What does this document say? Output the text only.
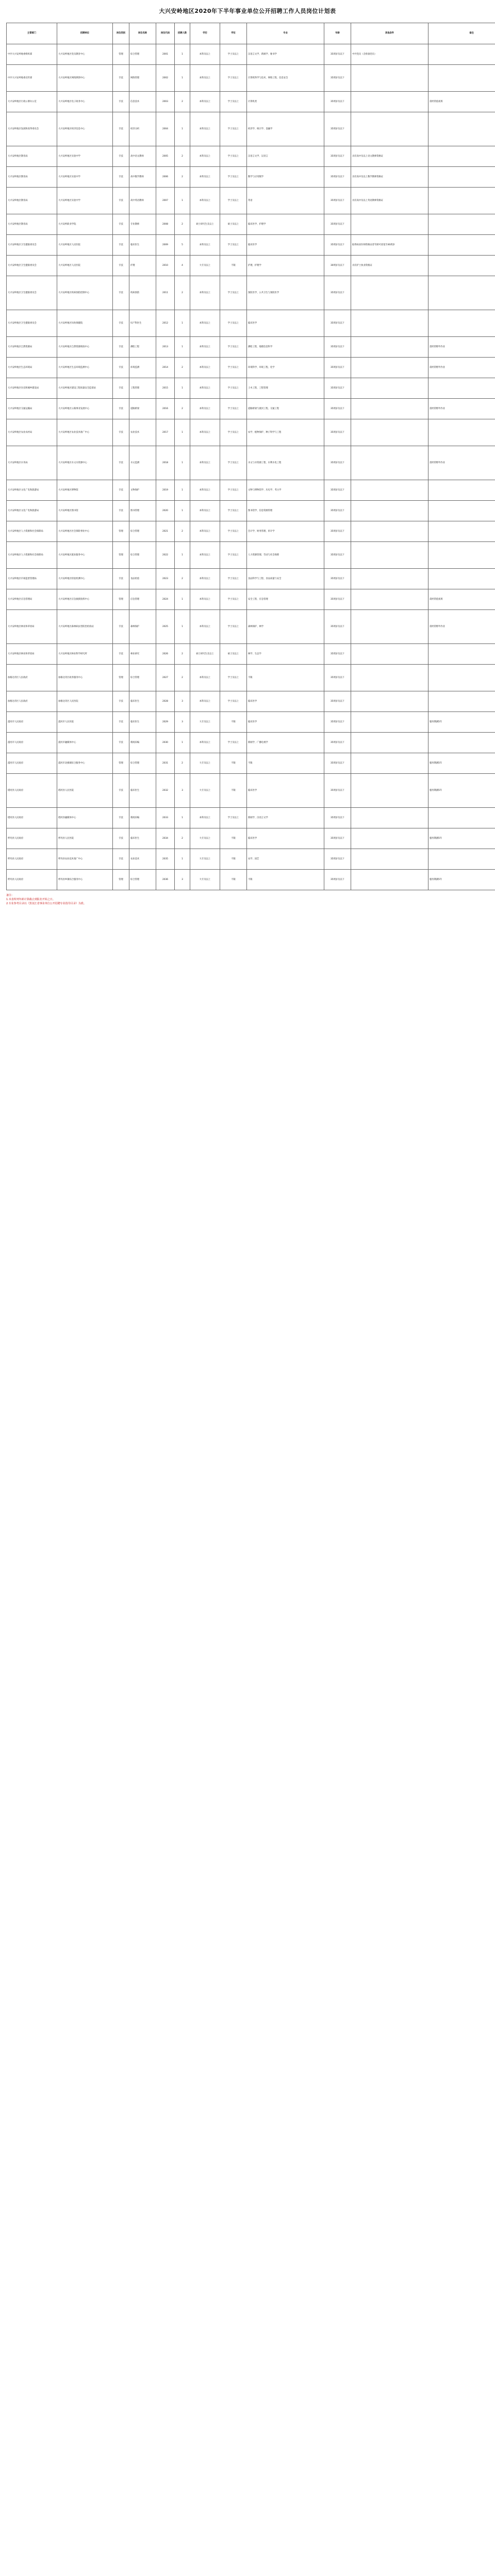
大兴安岭地区2020年下半年事业单位公开招聘工作人员岗位计划表
主管部门	招聘单位	岗位类别	岗位名称	岗位代码	招聘人数	学历	学位	专业	年龄	其他条件	备注
中共大兴安岭地委组织部	大兴安岭地区党员教育中心	管理	综合管理	2001	1	本科及以上	学士及以上	汉语言文学、新闻学、秘书学	35周岁及以下	中共党员（含预备党员）	
中共大兴安岭地委宣传部	大兴安岭地区网络舆情中心	专技	网络管理	2002	1	本科及以上	学士及以上	计算机科学与技术、网络工程、信息安全	35周岁及以下		
大兴安岭地区行政公署办公室	大兴安岭地区电子政务中心	专技	信息技术	2003	2	本科及以上	学士及以上	计算机类	35周岁及以下		需经常值夜班
大兴安岭地区发展和改革委员会	大兴安岭地区经济信息中心	专技	经济分析	2004	1	本科及以上	学士及以上	经济学、统计学、金融学	35周岁及以下		
大兴安岭地区教育局	大兴安岭地区实验中学	专技	高中语文教师	2005	2	本科及以上	学士及以上	汉语言文学、汉语言	35周岁及以下	具有高中及以上语文教师资格证	
大兴安岭地区教育局	大兴安岭地区实验中学	专技	高中数学教师	2006	2	本科及以上	学士及以上	数学与应用数学	35周岁及以下	具有高中及以上数学教师资格证	
大兴安岭地区教育局	大兴安岭地区实验中学	专技	高中英语教师	2007	1	本科及以上	学士及以上	英语	35周岁及以下	具有高中及以上英语教师资格证	
大兴安岭地区教育局	大兴安岭职业学院	专技	专业教师	2008	2	硕士研究生及以上	硕士及以上	临床医学、护理学	35周岁及以下		
大兴安岭地区卫生健康委员会	大兴安岭地区人民医院	专技	临床医生	2009	5	本科及以上	学士及以上	临床医学	35周岁及以下	取得执业医师资格证者年龄可放宽至40周岁	
大兴安岭地区卫生健康委员会	大兴安岭地区人民医院	专技	护理	2010	4	大专及以上	不限	护理、护理学	30周岁及以下	具有护士执业资格证	
大兴安岭地区卫生健康委员会	大兴安岭地区疾病预防控制中心	专技	疾病预防	2011	2	本科及以上	学士及以上	预防医学、公共卫生与预防医学	35周岁及以下		
大兴安岭地区卫生健康委员会	大兴安岭地区妇幼保健院	专技	妇产科医生	2012	1	本科及以上	学士及以上	临床医学	35周岁及以下		
大兴安岭地区自然资源局	大兴安岭地区自然资源调查中心	专技	测绘工程	2013	1	本科及以上	学士及以上	测绘工程、地理信息科学	35周岁及以下		需经常野外作业
大兴安岭地区生态环境局	大兴安岭地区生态环境监测中心	专技	环境监测	2014	2	本科及以上	学士及以上	环境科学、环境工程、化学	35周岁及以下		需经常野外作业
大兴安岭地区住房和城乡建设局	大兴安岭地区建设工程质量安全监督站	专技	工程管理	2015	1	本科及以上	学士及以上	土木工程、工程管理	35周岁及以下		
大兴安岭地区交通运输局	大兴安岭地区公路事业发展中心	专技	道路桥梁	2016	2	本科及以上	学士及以上	道路桥梁与渡河工程、交通工程	35周岁及以下		需经常野外作业
大兴安岭地区农业农村局	大兴安岭地区农业技术推广中心	专技	农业技术	2017	1	本科及以上	学士及以上	农学、植物保护、种子科学与工程	35周岁及以下		
大兴安岭地区水务局	大兴安岭地区水文水资源中心	专技	水文监测	2018	1	本科及以上	学士及以上	水文与水资源工程、水利水电工程	35周岁及以下		需经常野外作业
大兴安岭地区文化广电和旅游局	大兴安岭地区博物馆	专技	文物保护	2019	1	本科及以上	学士及以上	文物与博物馆学、历史学、考古学	35周岁及以下		
大兴安岭地区文化广电和旅游局	大兴安岭地区图书馆	专技	图书管理	2020	1	本科及以上	学士及以上	图书馆学、信息资源管理	35周岁及以下		
大兴安岭地区人力资源和社会保障局	大兴安岭地区社会保险事业中心	管理	综合管理	2021	2	本科及以上	学士及以上	会计学、财务管理、审计学	35周岁及以下		
大兴安岭地区人力资源和社会保障局	大兴安岭地区就业服务中心	管理	综合管理	2022	1	本科及以上	学士及以上	人力资源管理、劳动与社会保障	35周岁及以下		
大兴安岭地区市场监督管理局	大兴安岭地区检验检测中心	专技	食品检验	2023	2	本科及以上	学士及以上	食品科学与工程、食品质量与安全	35周岁及以下		
大兴安岭地区应急管理局	大兴安岭地区应急救援指挥中心	管理	应急管理	2024	1	本科及以上	学士及以上	安全工程、应急管理	35周岁及以下		需经常值夜班
大兴安岭地区林业和草原局	大兴安岭地区森林病虫害防治检疫站	专技	森林保护	2025	1	本科及以上	学士及以上	森林保护、林学	35周岁及以下		需经常野外作业
大兴安岭地区林业和草原局	大兴安岭地区林业科学研究所	专技	林业研究	2026	2	硕士研究生及以上	硕士及以上	林学、生态学	35周岁及以下		
加格达奇区人民政府	加格达奇区政务服务中心	管理	综合管理	2027	2	本科及以上	学士及以上	不限	35周岁及以下		
加格达奇区人民政府	加格达奇区人民医院	专技	临床医生	2028	3	本科及以上	学士及以上	临床医学	35周岁及以下		
漠河市人民政府	漠河市人民医院	专技	临床医生	2029	3	大专及以上	不限	临床医学	35周岁及以下		服务期满5年
漠河市人民政府	漠河市融媒体中心	专技	新闻采编	2030	1	本科及以上	学士及以上	新闻学、广播电视学	35周岁及以下		
漠河市人民政府	漠河市北极镇综合服务中心	管理	综合管理	2031	2	大专及以上	不限	不限	35周岁及以下		服务期满5年
塔河县人民政府	塔河县人民医院	专技	临床医生	2032	3	大专及以上	不限	临床医学	35周岁及以下		服务期满5年
塔河县人民政府	塔河县融媒体中心	专技	新闻采编	2033	1	本科及以上	学士及以上	新闻学、汉语言文学	35周岁及以下		
呼玛县人民政府	呼玛县人民医院	专技	临床医生	2034	2	大专及以上	不限	临床医学	35周岁及以下		服务期满5年
呼玛县人民政府	呼玛县农业技术推广中心	专技	农业技术	2035	1	大专及以上	不限	农学、园艺	35周岁及以下		
呼玛县人民政府	呼玛县乡镇综合服务中心	管理	综合管理	2036	3	大专及以上	不限	不限	35周岁及以下		服务期满5年
备注：
1.本表所列年龄计算截止到报名开始之日。
2.专业参考目录以《黑龙江省事业单位公开招聘专业指导目录》为准。
